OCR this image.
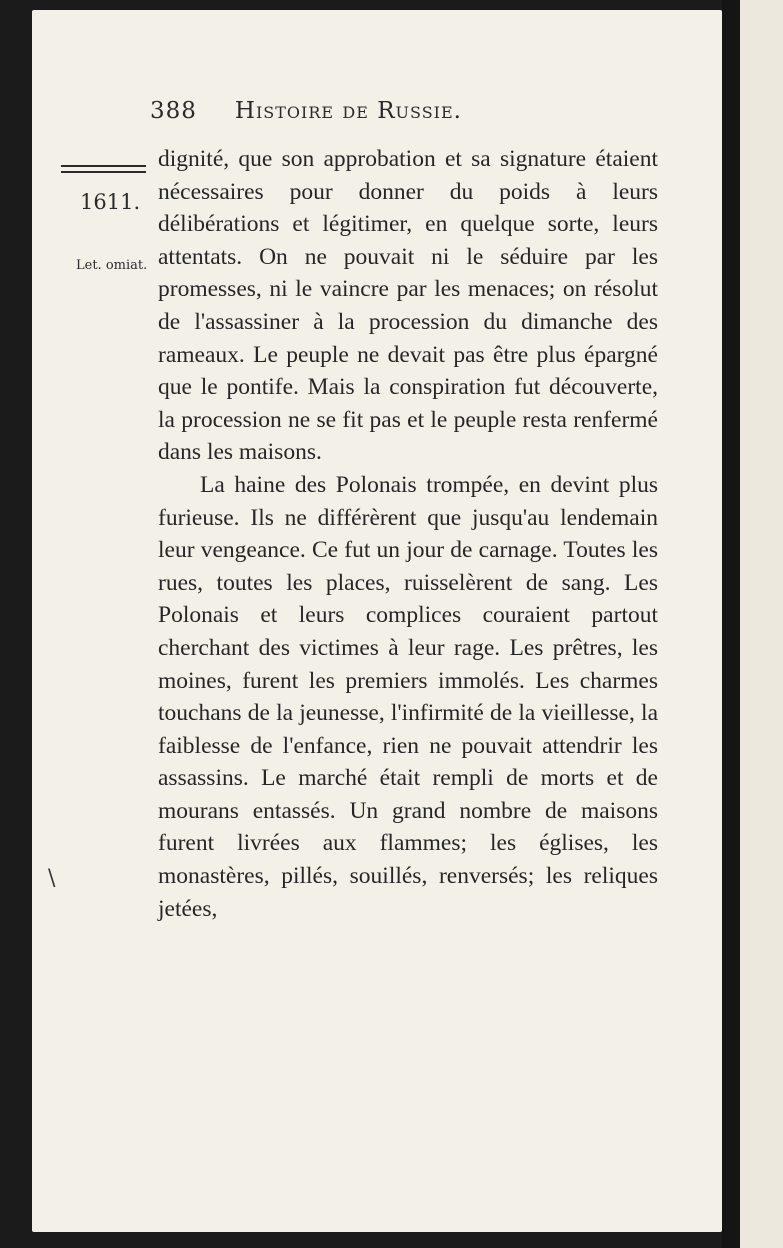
388 Histoire de Russie.
1611.
Let. omiat.
\

dignité, que son approbation et sa signature étaient nécessaires pour donner du poids à leurs délibérations et légitimer, en quelque sorte, leurs attentats. On ne pouvait ni le séduire par les promesses, ni le vaincre par les menaces; on résolut de l'assassiner à la procession du dimanche des rameaux. Le peuple ne devait pas être plus épargné que le pontife. Mais la conspiration fut découverte, la procession ne se fit pas et le peuple resta renfermé dans les maisons.

La haine des Polonais trompée, en devint plus furieuse. Ils ne différèrent que jusqu'au lendemain leur vengeance. Ce fut un jour de carnage. Toutes les rues, toutes les places, ruisselèrent de sang. Les Polonais et leurs complices couraient partout cherchant des victimes à leur rage. Les prêtres, les moines, furent les premiers immolés. Les charmes touchans de la jeunesse, l'infirmité de la vieillesse, la faiblesse de l'enfance, rien ne pouvait attendrir les assassins. Le marché était rempli de morts et de mourans entassés. Un grand nombre de maisons furent livrées aux flammes; les églises, les monastères, pillés, souillés, renversés; les reliques jetées,
